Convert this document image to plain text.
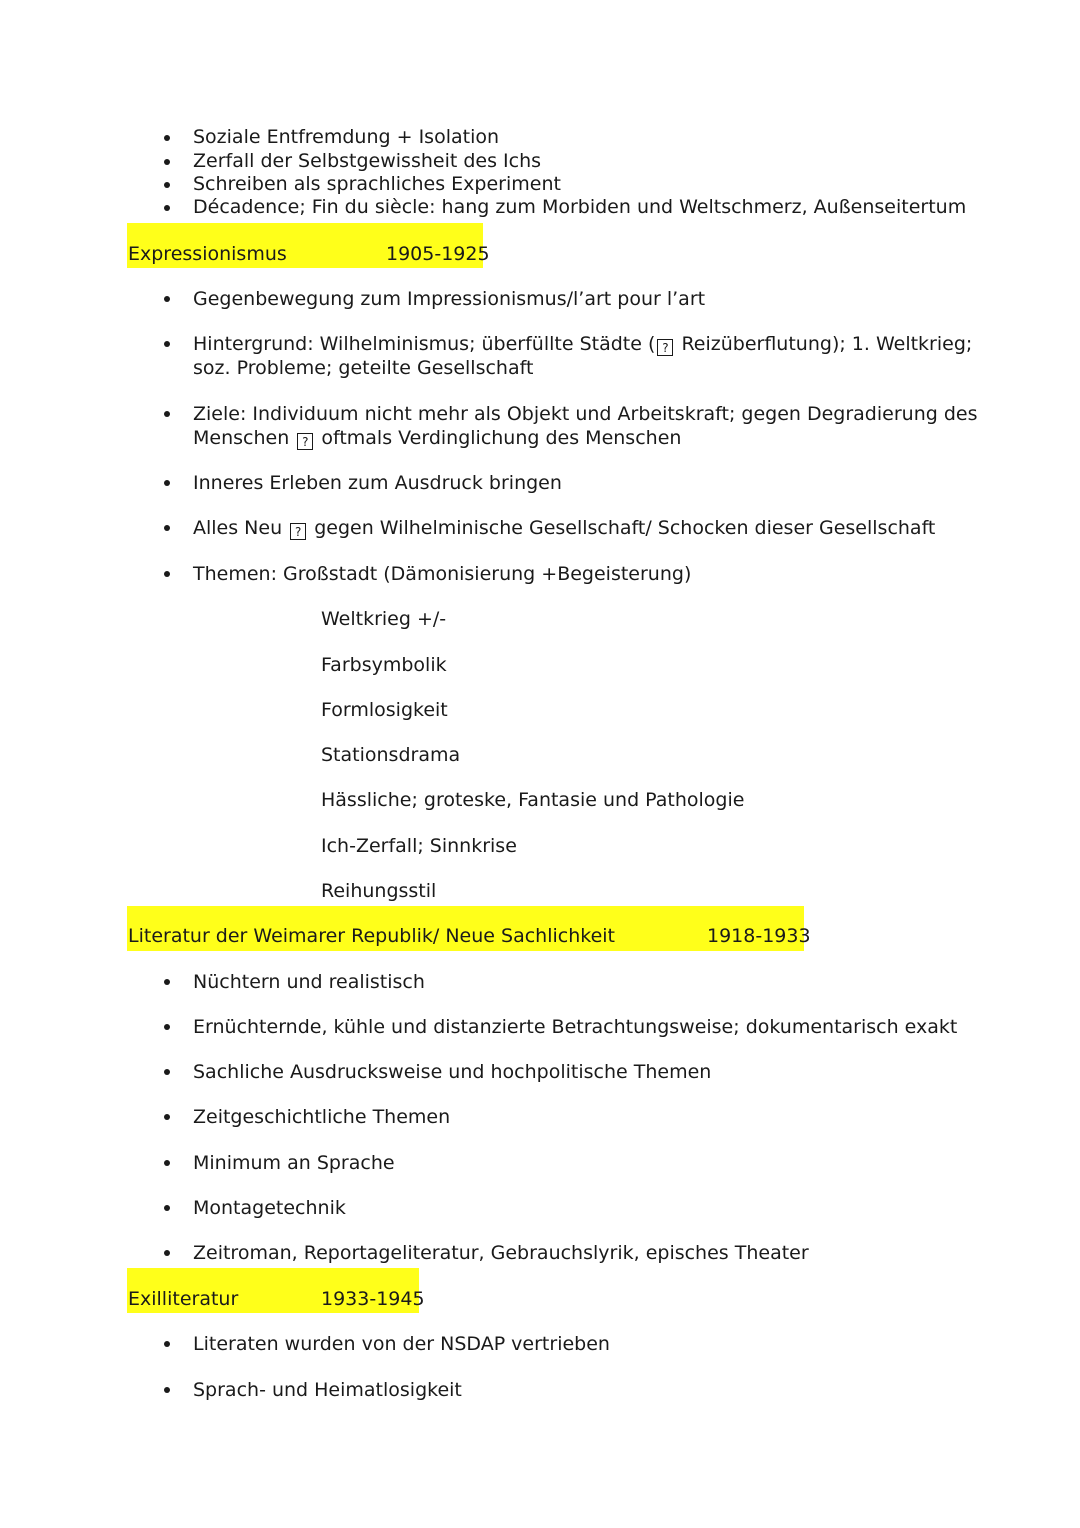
Soziale Entfremdung + Isolation
Zerfall der Selbstgewissheit des Ichs
Schreiben als sprachliches Experiment
Décadence; Fin du siècle: hang zum Morbiden und Weltschmerz, Außenseitertum
Expressionismus	1905-1925
Gegenbewegung zum Impressionismus/l’art pour l’art
Hintergrund: Wilhelminismus; überfüllte Städte ( ? Reizüberflutung); 1. Weltkrieg;
soz. Probleme; geteilte Gesellschaft
Ziele: Individuum nicht mehr als Objekt und Arbeitskraft; gegen Degradierung des
Menschen ? oftmals Verdinglichung des Menschen
Inneres Erleben zum Ausdruck bringen
Alles Neu ? gegen Wilhelminische Gesellschaft/ Schocken dieser Gesellschaft
Themen: Großstadt (Dämonisierung +Begeisterung)
Weltkrieg +/-
Farbsymbolik
Formlosigkeit
Stationsdrama
Hässliche; groteske, Fantasie und Pathologie
Ich-Zerfall; Sinnkrise
Reihungsstil
Literatur der Weimarer Republik/ Neue Sachlichkeit	1918-1933
Nüchtern und realistisch
Ernüchternde, kühle und distanzierte Betrachtungsweise; dokumentarisch exakt
Sachliche Ausdrucksweise und hochpolitische Themen
Zeitgeschichtliche Themen
Minimum an Sprache
Montagetechnik
Zeitroman, Reportageliteratur, Gebrauchslyrik, episches Theater
Exilliteratur	1933-1945
Literaten wurden von der NSDAP vertrieben
Sprach- und Heimatlosigkeit
